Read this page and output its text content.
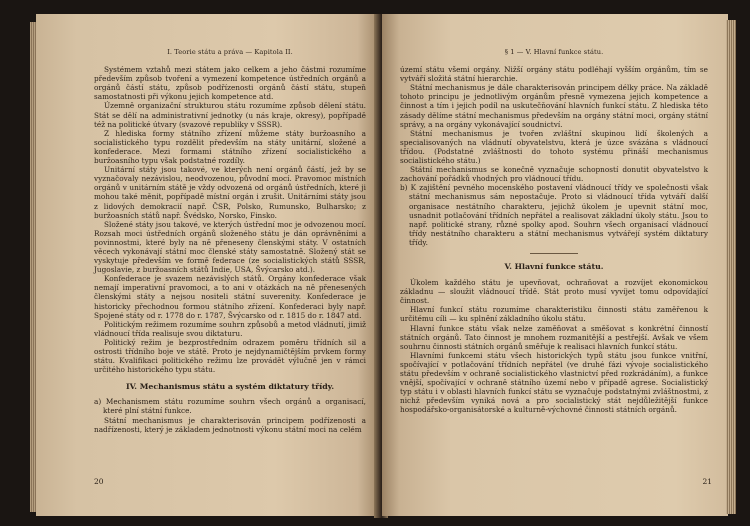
I. Teorie státu a práva — Kapitola II.

Systémem vztahů mezi státem jako celkem a jeho částmi rozumíme především způsob tvoření a vymezení kompetence ústředních orgánů a orgánů částí státu, způsob podřízenosti orgánů částí státu, stupeň samostatnosti při výkonu jejich kompetence atd.

Územně organizační strukturou státu rozumíme způsob dělení státu. Stát se dělí na administrativní jednotky (u nás kraje, okresy), popřípadě též na politické útvary (svazové republiky v SSSR).

Z hlediska formy státního zřízení můžeme státy buržoasního a socialistického typu rozdělit především na státy unitární, složené a konfederace. Mezi formami státního zřízení socialistického a buržoasního typu však podstatné rozdíly.

Unitární státy jsou takové, ve kterých není orgánů částí, jež by se vyznačovaly nezávislou, neodvozenou, původní mocí. Pravomoc místních orgánů v unitárním státě je vždy odvozená od orgánů ústředních, které ji mohou také měnit, popřípadě místní orgán i zrušit. Unitárními státy jsou z lidových demokracií např. ČSR, Polsko, Rumunsko, Bulharsko; z buržoasních států např. Švédsko, Norsko, Finsko.

Složené státy jsou takové, ve kterých ústřední moc je odvozenou mocí. Rozsah moci ústředních orgánů složeného státu je dán oprávněními a povinnostmi, které byly na ně přeneseny členskými státy. V ostatních věcech vykonávají státní moc členské státy samostatně. Složený stát se vyskytuje především ve formě federace (ze socialistických států SSSR, Jugoslavie, z buržoasních států Indie, USA, Švýcarsko atd.).

Konfederace je svazem nezávislých států. Orgány konfederace však nemají imperativní pravomoci, a to ani v otázkách na ně přenesených členskými státy a nejsou nositeli státní suverenity. Konfederace je historicky přechodnou formou státního zřízení. Konfederaci byly např. Spojené státy od r. 1778 do r. 1787, Švýcarsko od r. 1815 do r. 1847 atd.

Politickým režimem rozumíme souhrn způsobů a metod vládnutí, jimiž vládnoucí třída realisuje svou diktaturu.

Politický režim je bezprostředním odrazem poměru třídních sil a ostrosti třídního boje ve státě. Proto je nejdynamičtějším prvkem formy státu. Kvalifikaci politického režimu lze provádět výlučně jen v rámci určitého historického typu státu.

IV. Mechanismus státu a systém diktatury třídy.

a) Mechanismem státu rozumíme souhrn všech orgánů a organisací, které plní státní funkce.

Státní mechanismus je charakterisován principem podřízenosti a nadřízenosti, který je základem jednotnosti výkonu státní moci na celém

20
§ 1 — V. Hlavní funkce státu.

území státu všemi orgány. Nižší orgány státu podléhají vyšším orgánům, tím se vytváří složitá státní hierarchie.

Státní mechanismus je dále charakterisován principem délky práce. Na základě tohoto principu je jednotlivým orgánům přesně vymezena jejich kompetence a činnost a tím i jejich podíl na uskutečňování hlavních funkcí státu. Z hlediska této zásady dělíme státní mechanismus především na orgány státní moci, orgány státní správy, a na orgány vykonávající soudnictví.

Státní mechanismus je tvořen zvláštní skupinou lidí školených a specialisovaných na vládnutí obyvatelstvu, která je úzce svázána s vládnoucí třídou. (Podstatné zvláštnosti do tohoto systému přináší mechanismus socialistického státu.)

Státní mechanismus se konečně vyznačuje schopností donutit obyvatelstvo k zachování pořádků vhodných pro vládnoucí třídu.

b) K zajištění pevného mocenského postavení vládnoucí třídy ve společnosti však státní mechanismus sám nepostačuje. Proto si vládnoucí třída vytváří další organisace nestátního charakteru, jejichž úkolem je upevnit státní moc, usnadnit potlačování třídních nepřátel a realisovat základní úkoly státu. Jsou to např. politické strany, různé spolky apod. Souhrn všech organisací vládnoucí třídy nestátního charakteru a státní mechanismus vytvářejí systém diktatury třídy.

V. Hlavní funkce státu.

Úkolem každého státu je upevňovat, ochraňovat a rozvíjet ekonomickou základnu — sloužit vládnoucí třídě. Stát proto musí vyvíjet tomu odpovídající činnost.

Hlavní funkcí státu rozumíme charakteristiku činnosti státu zaměřenou k určitému cíli — ku splnění základního úkolu státu.

Hlavní funkce státu však nelze zaměňovat a směšovat s konkrétní činností státních orgánů. Tato činnost je mnohem rozmanitější a pestřejší. Avšak ve všem souhrnu činnosti státních orgánů směřuje k realisaci hlavních funkcí státu.

Hlavními funkcemi státu všech historických typů státu jsou funkce vnitřní, spočívající v potlačování třídních nepřátel (ve druhé fázi vývoje socialistického státu především v ochraně socialistického vlastnictví před rozkrádáním), a funkce vnější, spočívající v ochraně státního území nebo v případě agrese. Socialistický typ státu i v oblasti hlavních funkcí státu se vyznačuje podstatnými zvláštnostmi, z nichž především vyniká nová a pro socialistický stát nejdůležitější funkce hospodářsko-organisátorské a kulturně-výchovné činnosti státních orgánů.

21
